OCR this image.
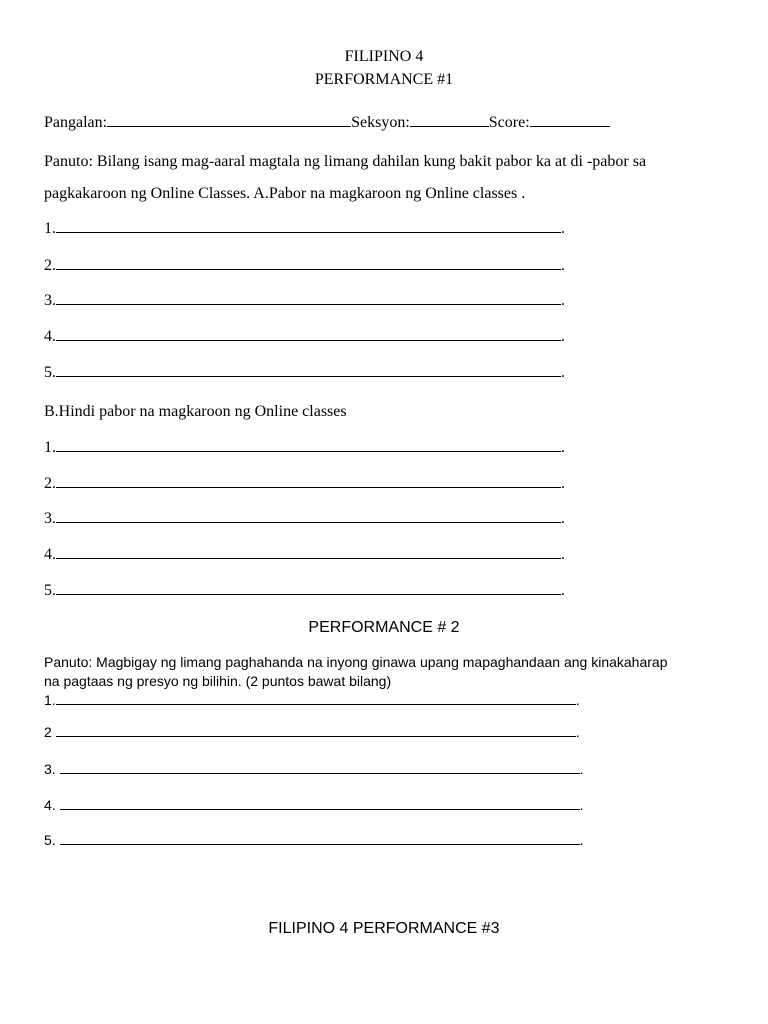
FILIPINO 4
PERFORMANCE #1
Pangalan:	Seksyon:	Score:
Panuto: Bilang isang mag-aaral magtala ng limang dahilan kung bakit pabor ka at di -pabor sa
pagkakaroon ng Online Classes. A.Pabor na magkaroon ng Online classes .
1.	.
2.	.
3.	.
4.	.
5.	.
B.Hindi pabor na magkaroon ng Online classes
1.	.
2.	.
3.	.
4.	.
5.	.
PERFORMANCE # 2
Panuto: Magbigay ng limang paghahanda na inyong ginawa upang mapaghandaan ang kinakaharap
na pagtaas ng presyo ng bilihin. (2 puntos bawat bilang)
1.	.
2	.
3.	.
4.	.
5.	.
FILIPINO 4 PERFORMANCE #3
